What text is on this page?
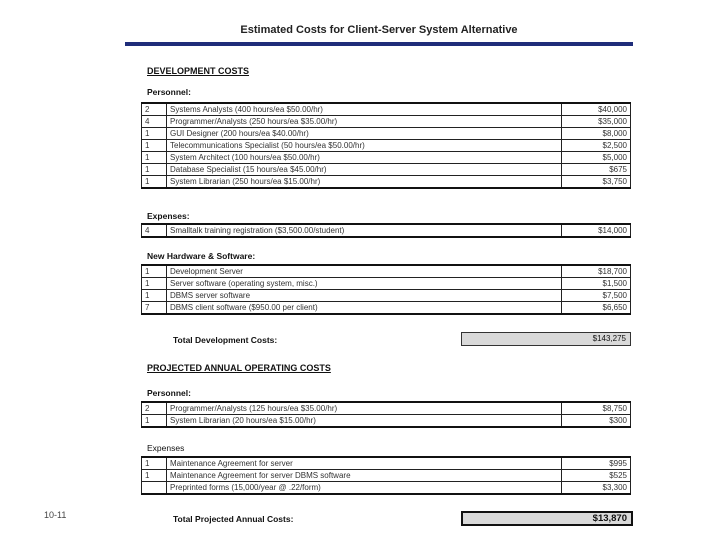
Estimated Costs for Client-Server System Alternative
DEVELOPMENT COSTS
Personnel:
2	Systems Analysts (400 hours/ea $50.00/hr)	$40,000
4	Programmer/Analysts (250 hours/ea $35.00/hr)	$35,000
1	GUI Designer (200 hours/ea $40.00/hr)	$8,000
1	Telecommunications Specialist (50 hours/ea $50.00/hr)	$2,500
1	System Architect (100 hours/ea $50.00/hr)	$5,000
1	Database Specialist (15 hours/ea $45.00/hr)	$675
1	System Librarian (250 hours/ea $15.00/hr)	$3,750
Expenses:
4	Smalltalk training registration ($3,500.00/student)	$14,000
New Hardware & Software:
1	Development Server	$18,700
1	Server software (operating system, misc.)	$1,500
1	DBMS server software	$7,500
7	DBMS client software ($950.00 per client)	$6,650
Total Development Costs:	$143,275
PROJECTED ANNUAL OPERATING COSTS
Personnel:
2	Programmer/Analysts (125 hours/ea $35.00/hr)	$8,750
1	System Librarian (20 hours/ea $15.00/hr)	$300
Expenses
1	Maintenance Agreement for server	$995
1	Maintenance Agreement for server DBMS software	$525
	Preprinted forms (15,000/year @ .22/form)	$3,300
Total Projected Annual Costs:	$13,870
10-11
